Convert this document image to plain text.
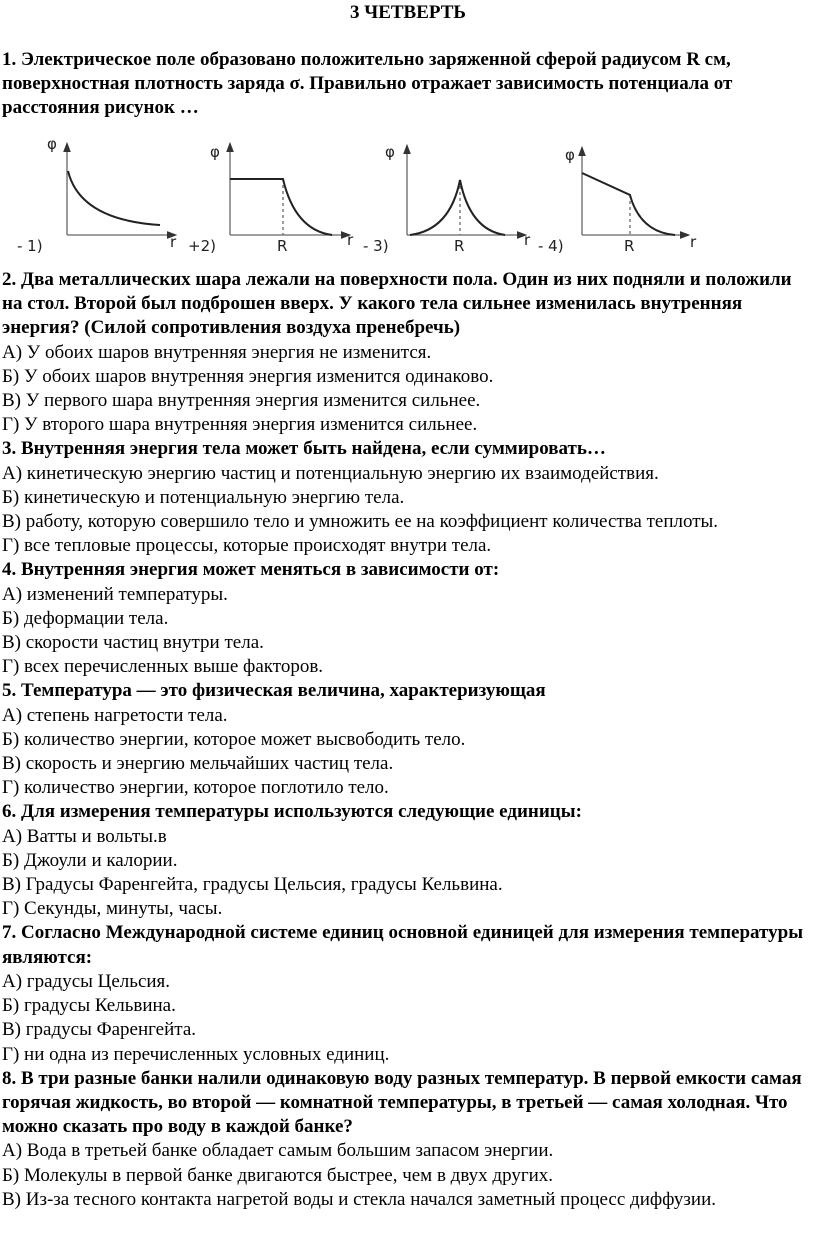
3 ЧЕТВЕРТЬ
1. Электрическое поле образовано положительно заряженной сферой радиусом R см, поверхностная плотность заряда σ. Правильно отражает зависимость потенциала от расстояния рисунок …
φ	φ	φ	φ
r	r	r	r
R	R	R
- 1)	+2)	- 3)	- 4)
2. Два металлических шара лежали на поверхности пола. Один из них подняли и положили на стол. Второй был подброшен вверх. У какого тела сильнее изменилась внутренняя энергия? (Силой сопротивления воздуха пренебречь)
А) У обоих шаров внутренняя энергия не изменится.
Б) У обоих шаров внутренняя энергия изменится одинаково.
В) У первого шара внутренняя энергия изменится сильнее.
Г) У второго шара внутренняя энергия изменится сильнее.
3. Внутренняя энергия тела может быть найдена, если суммировать…
А) кинетическую энергию частиц и потенциальную энергию их взаимодействия.
Б) кинетическую и потенциальную энергию тела.
В) работу, которую совершило тело и умножить ее на коэффициент количества теплоты.
Г) все тепловые процессы, которые происходят внутри тела.
4. Внутренняя энергия может меняться в зависимости от:
А) изменений температуры.
Б) деформации тела.
В) скорости частиц внутри тела.
Г) всех перечисленных выше факторов.
5. Температура — это физическая величина, характеризующая
А) степень нагретости тела.
Б) количество энергии, которое может высвободить тело.
В) скорость и энергию мельчайших частиц тела.
Г) количество энергии, которое поглотило тело.
6. Для измерения температуры используются следующие единицы:
А) Ватты и вольты.в
Б) Джоули и калории.
В) Градусы Фаренгейта, градусы Цельсия, градусы Кельвина.
Г) Секунды, минуты, часы.
7. Согласно Международной системе единиц основной единицей для измерения температуры являются:
А) градусы Цельсия.
Б) градусы Кельвина.
В) градусы Фаренгейта.
Г) ни одна из перечисленных условных единиц.
8. В три разные банки налили одинаковую воду разных температур. В первой емкости самая горячая жидкость, во второй — комнатной температуры, в третьей — самая холодная. Что можно сказать про воду в каждой банке?
А) Вода в третьей банке обладает самым большим запасом энергии.
Б) Молекулы в первой банке двигаются быстрее, чем в двух других.
В) Из-за тесного контакта нагретой воды и стекла начался заметный процесс диффузии.
